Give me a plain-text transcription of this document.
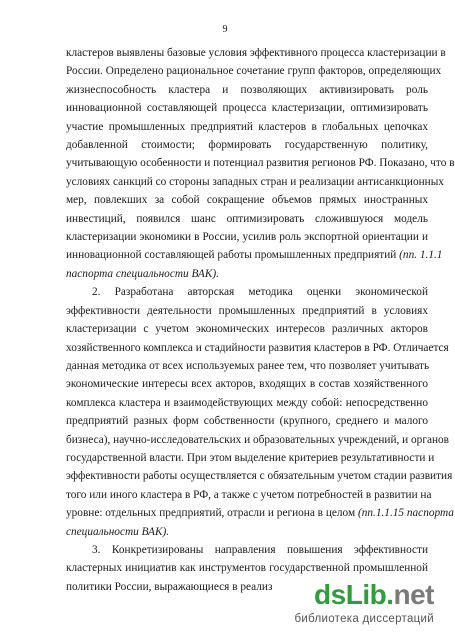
9
кластеров выявлены базовые условия эффективного процесса кластеризации в
России. Определено рациональное сочетание групп факторов, определяющих
жизнеспособность кластера и позволяющих активизировать роль
инновационной составляющей процесса кластеризации, оптимизировать
участие промышленных предприятий кластеров в глобальных цепочках
добавленной стоимости; формировать государственную политику,
учитывающую особенности и потенциал развития регионов РФ. Показано, что в
условиях санкций со стороны западных стран и реализации антисанкционных
мер, повлекших за собой сокращение объемов прямых иностранных
инвестиций, появился шанс оптимизировать сложившуюся модель
кластеризации экономики в России, усилив роль экспортной ориентации и
инновационной составляющей работы промышленных предприятий (пп. 1.1.1
паспорта специальности ВАК).
2. Разработана авторская методика оценки экономической
эффективности деятельности промышленных предприятий в условиях
кластеризации с учетом экономических интересов различных акторов
хозяйственного комплекса и стадийности развития кластеров в РФ. Отличается
данная методика от всех используемых ранее тем, что позволяет учитывать
экономические интересы всех акторов, входящих в состав хозяйственного
комплекса кластера и взаимодействующих между собой: непосредственно
предприятий разных форм собственности (крупного, среднего и малого
бизнеса), научно-исследовательских и образовательных учреждений, и органов
государственной власти. При этом выделение критериев результативности и
эффективности работы осуществляется с обязательным учетом стадии развития
того или иного кластера в РФ, а также с учетом потребностей в развитии на
уровне: отдельных предприятий, отрасли и региона в целом (пп.1.1.15 паспорта
специальности ВАК).
3. Конкретизированы направления повышения эффективности
кластерных инициатив как инструментов государственной промышленной
политики России, выражающиеся в реализ	dsLib.net
библиотека диссертаций
